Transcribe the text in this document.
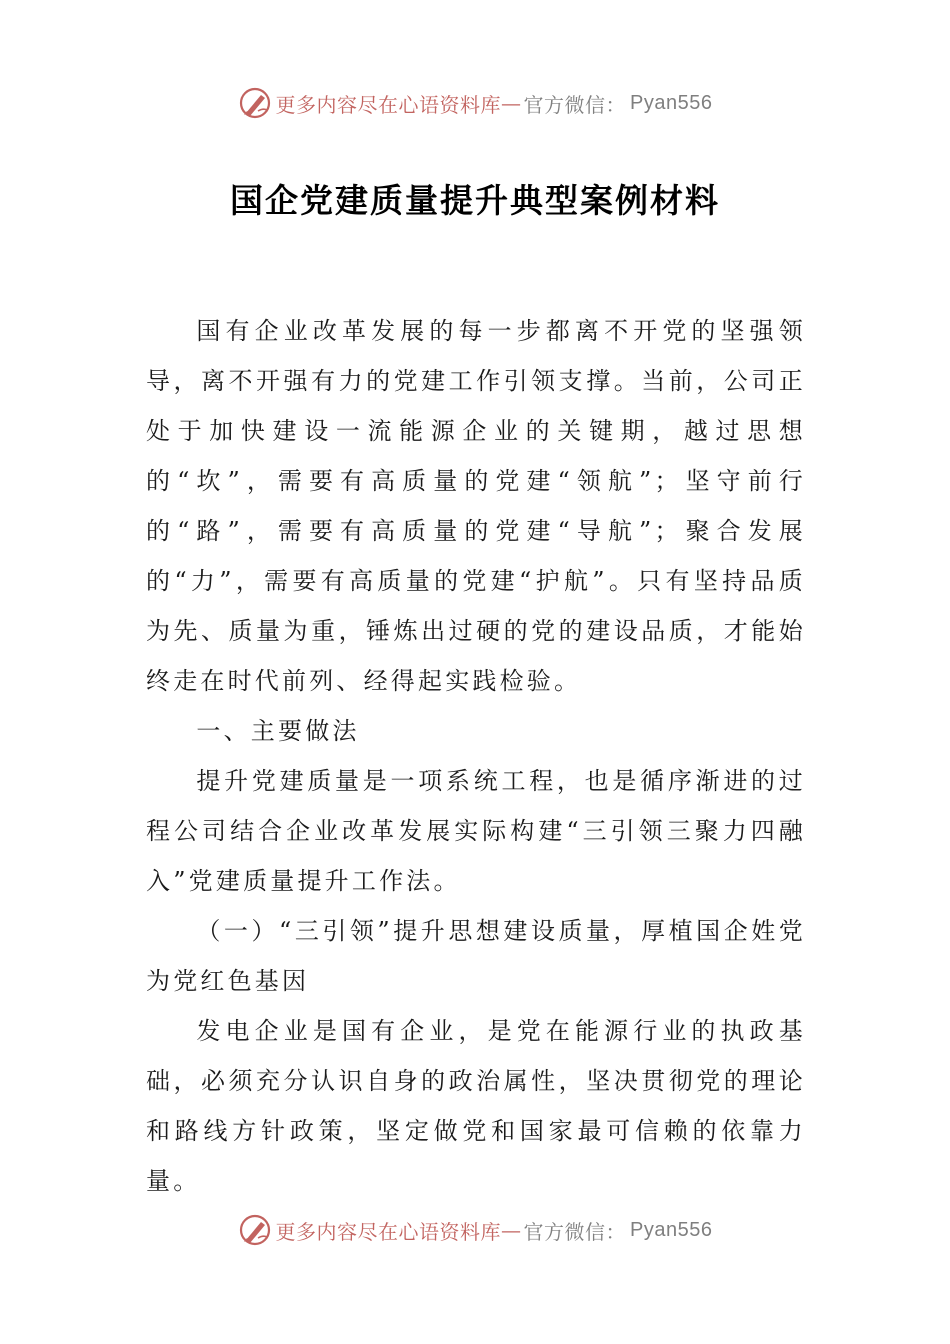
更多内容尽在心语资料库 — 官方微信： Pyan556
国企党建质量提升典型案例材料

国有企业改革发展的每一步都离不开党的坚强领导，离不开强有力的党建工作引领支撑。当前，公司正处于加快建设一流能源企业的关键期，越过思想的“坎”，需要有高质量的党建“领航”；坚守前行的“路”，需要有高质量的党建“导航”；聚合发展的“力”，需要有高质量的党建“护航”。只有坚持品质为先、质量为重，锤炼出过硬的党的建设品质，才能始终走在时代前列、经得起实践检验。

一、主要做法

提升党建质量是一项系统工程，也是循序渐进的过程公司结合企业改革发展实际构建“三引领三聚力四融入”党建质量提升工作法。

（一）“三引领”提升思想建设质量，厚植国企姓党为党红色基因

发电企业是国有企业，是党在能源行业的执政基础，必须充分认识自身的政治属性，坚决贯彻党的理论和路线方针政策，坚定做党和国家最可信赖的依靠力量。

更多内容尽在心语资料库 — 官方微信： Pyan556
